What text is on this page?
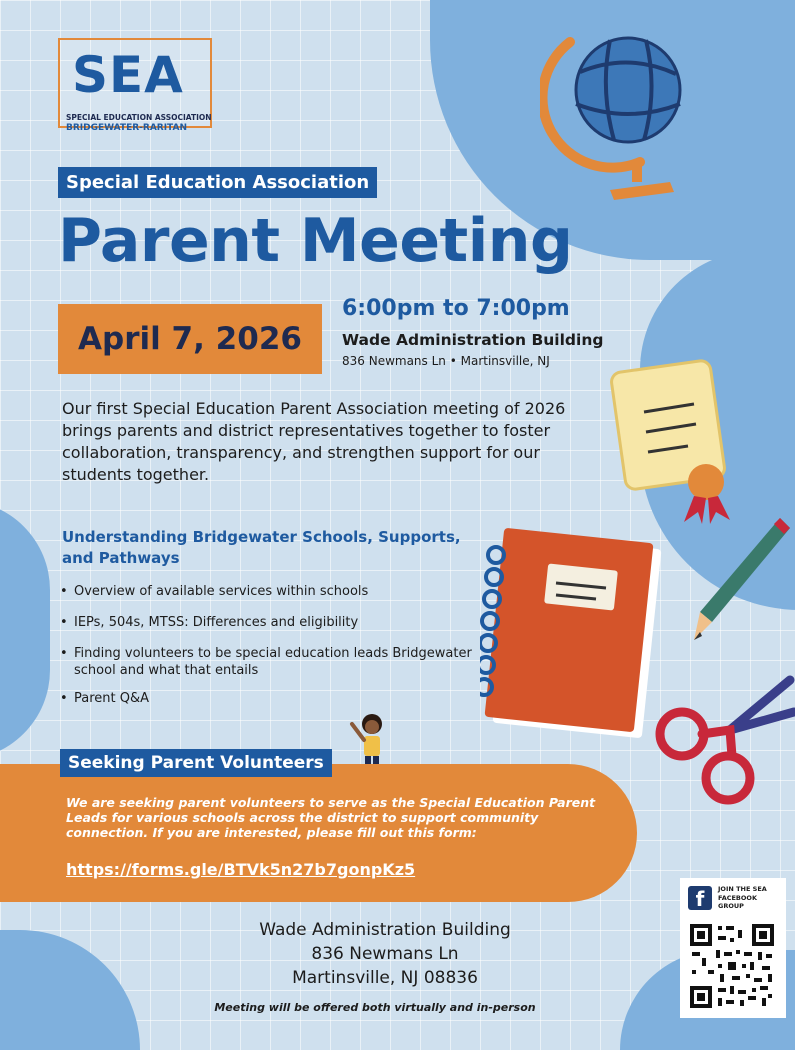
SEA
SPECIAL EDUCATION ASSOCIATION
BRIDGEWATER-RARITAN
Special Education Association
Parent Meeting
April 7, 2026
6:00pm to 7:00pm
Wade Administration Building
836 Newmans Ln • Martinsville, NJ
Our first Special Education Parent Association meeting of 2026 brings parents and district representatives together to foster collaboration, transparency, and strengthen support for our students together.
Understanding Bridgewater Schools, Supports, and Pathways
• Overview of available services within schools
• IEPs, 504s, MTSS: Differences and eligibility
• Finding volunteers to be special education leads Bridgewater school and what that entails
• Parent Q&A
Seeking Parent Volunteers
We are seeking parent volunteers to serve as the Special Education Parent Leads for various schools across the district to support community connection. If you are interested, please fill out this form:
https://forms.gle/BTVk5n27b7gonpKz5
Wade Administration Building
836 Newmans Ln
Martinsville, NJ 08836
Meeting will be offered both virtually and in-person
f	JOIN THE SEA
FACEBOOK
GROUP
